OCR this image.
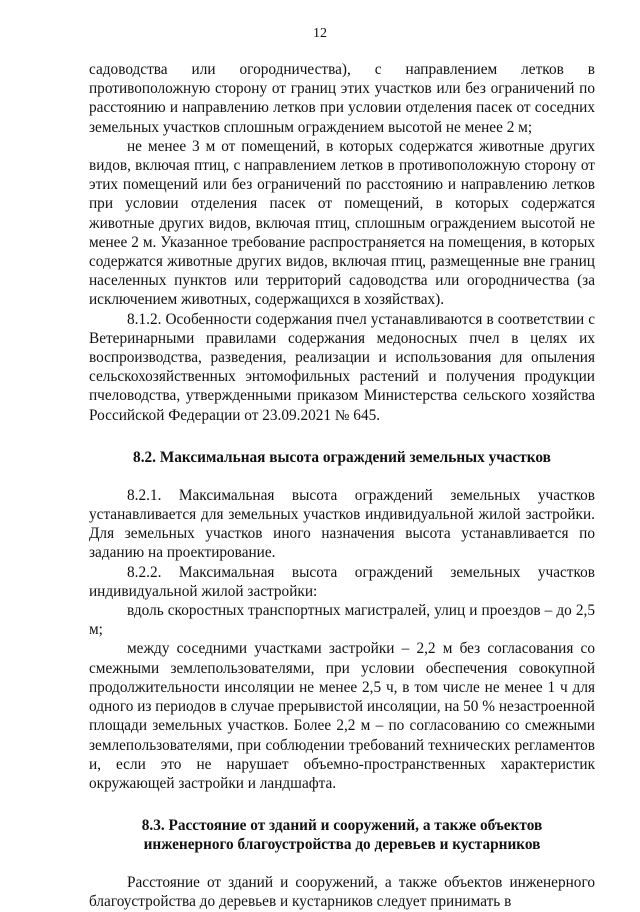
12

садоводства или огородничества), с направлением летков в противоположную сторону от границ этих участков или без ограничений по расстоянию и направлению летков при условии отделения пасек от соседних земельных участков сплошным ограждением высотой не менее 2 м;

не менее 3 м от помещений, в которых содержатся животные других видов, включая птиц, с направлением летков в противоположную сторону от этих помещений или без ограничений по расстоянию и направлению летков при условии отделения пасек от помещений, в которых содержатся животные других видов, включая птиц, сплошным ограждением высотой не менее 2 м. Указанное требование распространяется на помещения, в которых содержатся животные других видов, включая птиц, размещенные вне границ населенных пунктов или территорий садоводства или огородничества (за исключением животных, содержащихся в хозяйствах).

8.1.2. Особенности содержания пчел устанавливаются в соответствии с Ветеринарными правилами содержания медоносных пчел в целях их воспроизводства, разведения, реализации и использования для опыления сельскохозяйственных энтомофильных растений и получения продукции пчеловодства, утвержденными приказом Министерства сельского хозяйства Российской Федерации от 23.09.2021 № 645.

8.2. Максимальная высота ограждений земельных участков

8.2.1. Максимальная высота ограждений земельных участков устанавливается для земельных участков индивидуальной жилой застройки. Для земельных участков иного назначения высота устанавливается по заданию на проектирование.

8.2.2. Максимальная высота ограждений земельных участков индивидуальной жилой застройки:

вдоль скоростных транспортных магистралей, улиц и проездов – до 2,5 м;

между соседними участками застройки – 2,2 м без согласования со смежными землепользователями, при условии обеспечения совокупной продолжительности инсоляции не менее 2,5 ч, в том числе не менее 1 ч для одного из периодов в случае прерывистой инсоляции, на 50 % незастроенной площади земельных участков. Более 2,2 м – по согласованию со смежными землепользователями, при соблюдении требований технических регламентов и, если это не нарушает объемно-пространственных характеристик окружающей застройки и ландшафта.

8.3. Расстояние от зданий и сооружений, а также объектов
инженерного благоустройства до деревьев и кустарников

Расстояние от зданий и сооружений, а также объектов инженерного благоустройства до деревьев и кустарников следует принимать в
